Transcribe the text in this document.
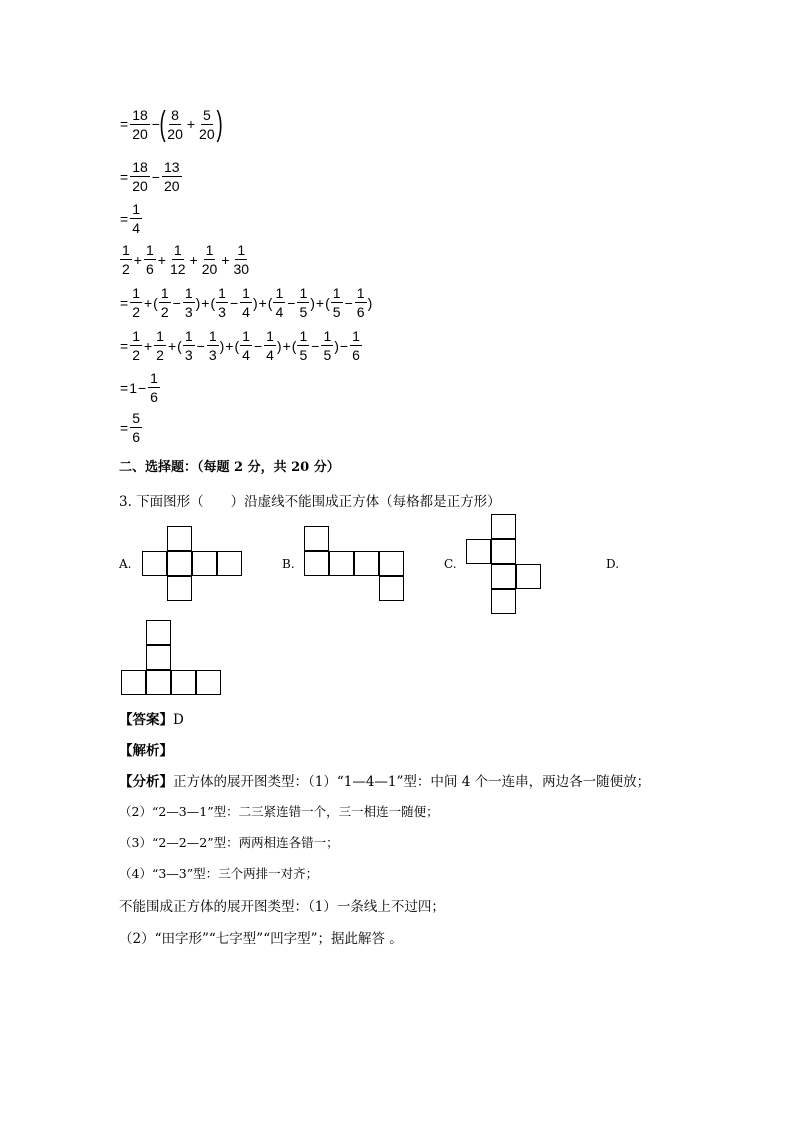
= $\frac{18}{20}$ − ( $\frac{8}{20} + \frac{5}{20}$ )
= $\frac{18}{20} - \frac{13}{20}$
= $\frac{1}{4}$
$\frac{1}{2} + \frac{1}{6} + \frac{1}{12} + \frac{1}{20} + \frac{1}{30}$
= $\frac{1}{2}$ + ( $\frac{1}{2} - \frac{1}{3}$ ) + ( $\frac{1}{3} - \frac{1}{4}$ ) + ( $\frac{1}{4} - \frac{1}{5}$ ) + ( $\frac{1}{5} - \frac{1}{6}$ )
= $\frac{1}{2} + \frac{1}{2}$ + ( $\frac{1}{3} - \frac{1}{3}$ ) + ( $\frac{1}{4} - \frac{1}{4}$ ) + ( $\frac{1}{5} - \frac{1}{5}$ ) − $\frac{1}{6}$
= $1 - \frac{1}{6}$
= $\frac{5}{6}$
二、选择题：（每题 2 分，共 20 分）
3. 下面图形（　　）沿虚线不能围成正方体（每格都是正方形）
A.	B.	C.	D.
【答案】D
【解析】
【分析】正方体的展开图类型：（1）“1—4—1”型：中间 4 个一连串，两边各一随便放；
（2）“2—3—1”型：二三紧连错一个，三一相连一随便；
（3）“2—2—2”型：两两相连各错一；
（4）“3—3”型：三个两排一对齐；
不能围成正方体的展开图类型：（1）一条线上不过四；
（2）“田字形”“七字型”“凹字型”；据此解答 。
